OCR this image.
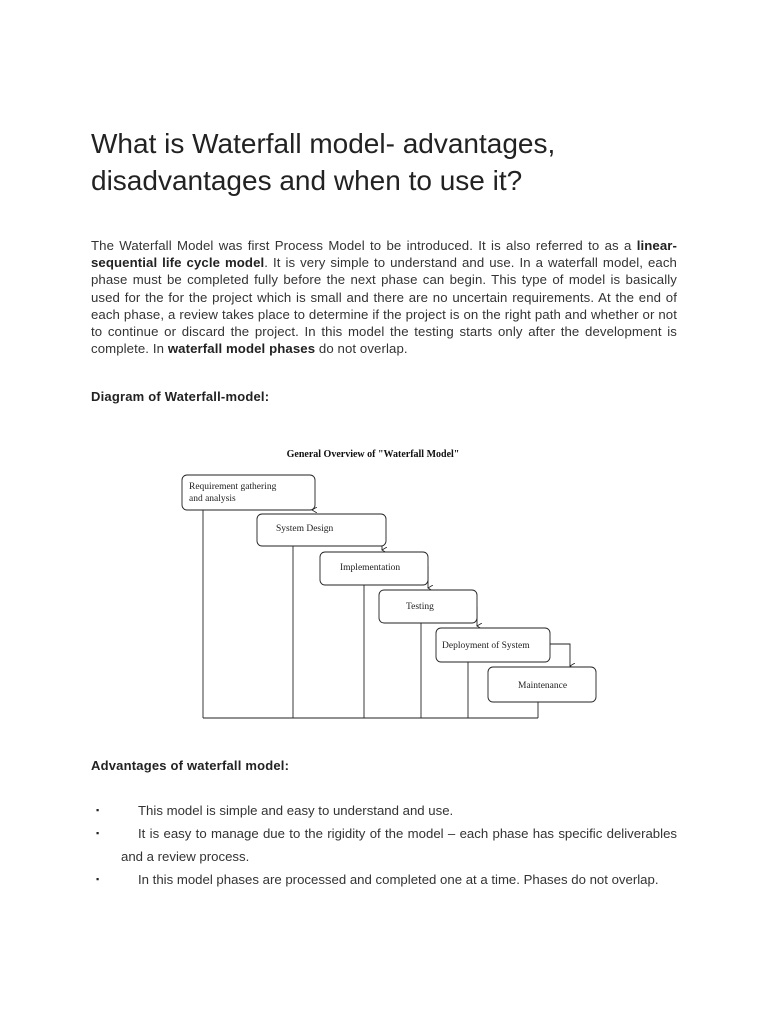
What is Waterfall model- advantages, disadvantages and when to use it?

The Waterfall Model was first Process Model to be introduced. It is also referred to as a linear-sequential life cycle model. It is very simple to understand and use. In a waterfall model, each phase must be completed fully before the next phase can begin. This type of model is basically used for the for the project which is small and there are no uncertain requirements. At the end of each phase, a review takes place to determine if the project is on the right path and whether or not to continue or discard the project. In this model the testing starts only after the development is complete. In waterfall model phases do not overlap.

Diagram of Waterfall-model:
General Overview of "Waterfall Model"
Requirement gathering
and analysis
System Design
Implementation
Testing
Deployment of System
Maintenance
Advantages of waterfall model:
▪	This model is simple and easy to understand and use.
▪	It is easy to manage due to the rigidity of the model – each phase has specific deliverables and a review process.
▪	In this model phases are processed and completed one at a time. Phases do not overlap.
